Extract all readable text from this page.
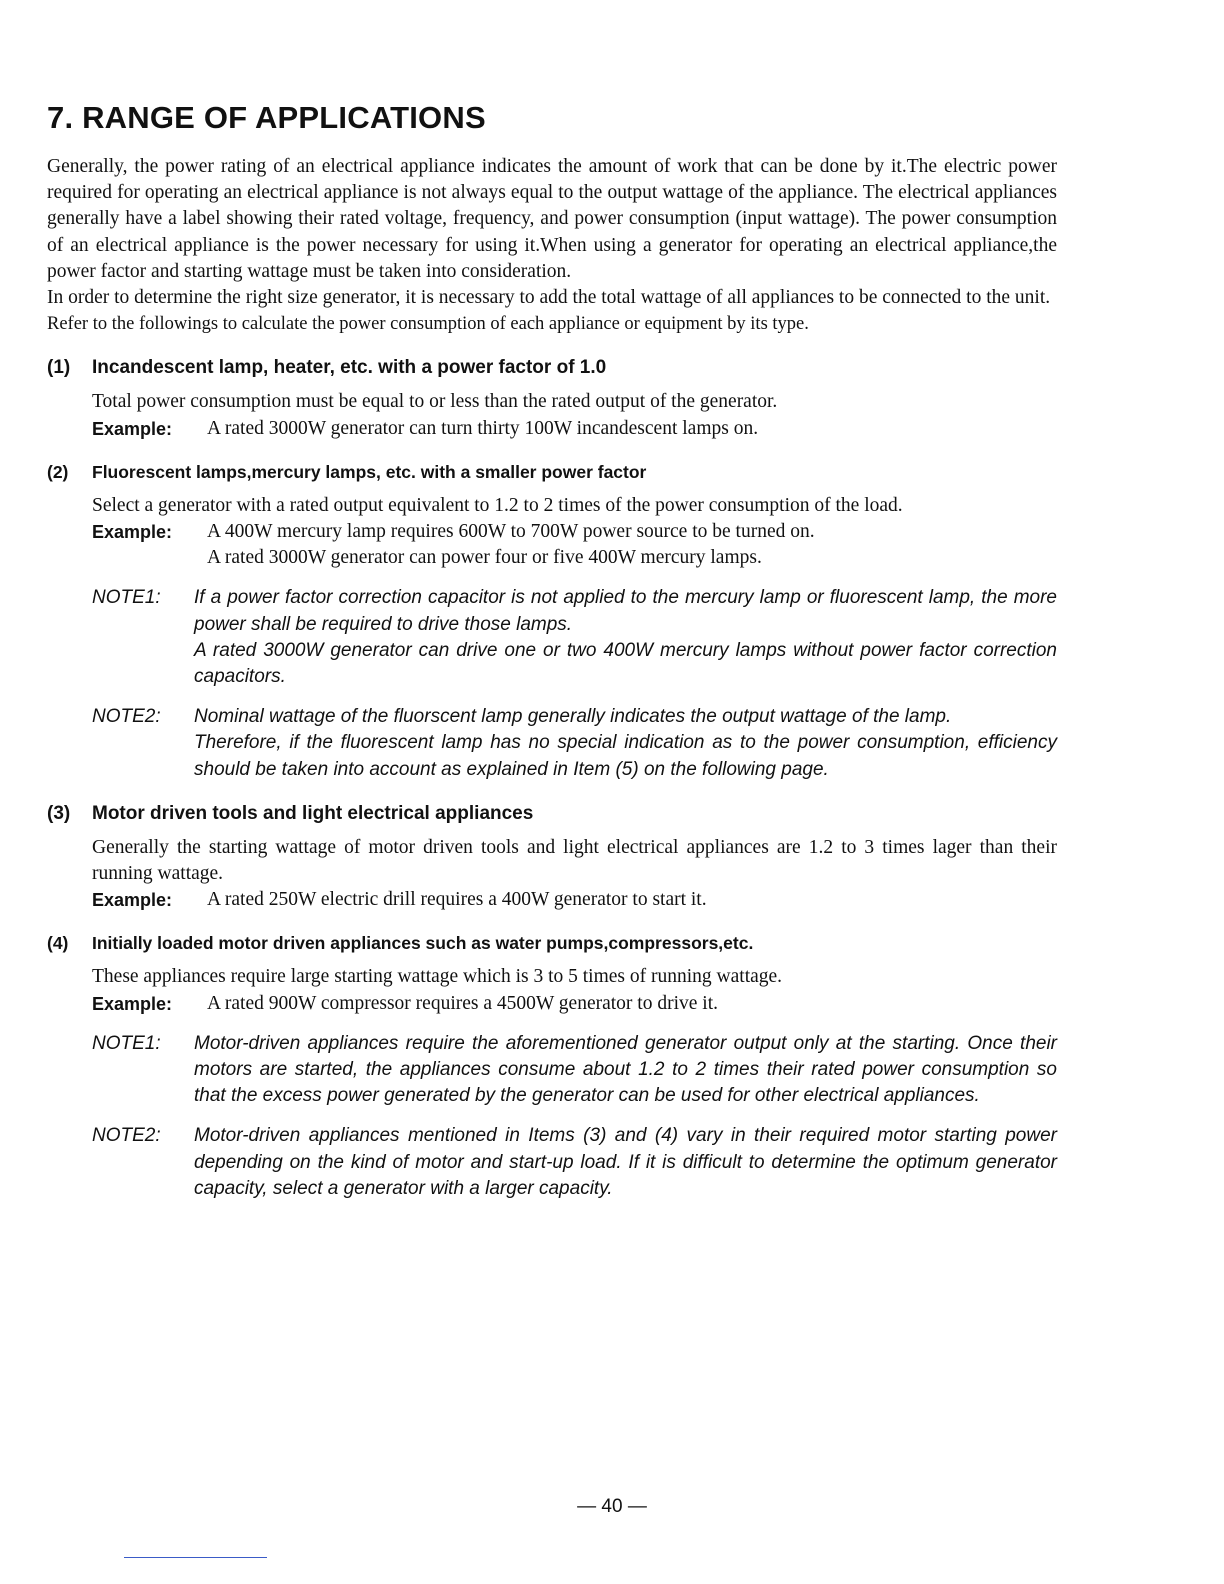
7. RANGE OF APPLICATIONS

Generally, the power rating of an electrical appliance indicates the amount of work that can be done by it.The electric power required for operating an electrical appliance is not always equal to the output wattage of the appliance. The electrical appliances generally have a label showing their rated voltage, frequency, and power consumption (input wattage). The power consumption of an electrical appliance is the power necessary for using it.When using a generator for operating an electrical appliance,the power factor and starting wattage must be taken into consideration.

In order to determine the right size generator, it is necessary to add the total wattage of all appliances to be connected to the unit.

Refer to the followings to calculate the power consumption of each appliance or equipment by its type.

(1)	Incandescent lamp, heater, etc. with a power factor of 1.0

Total power consumption must be equal to or less than the rated output of the generator.

Example:	A rated 3000W generator can turn thirty 100W incandescent lamps on.
(2)	Fluorescent lamps,mercury lamps, etc. with a smaller power factor

Select a generator with a rated output equivalent to 1.2 to 2 times of the power consumption of the load.

Example:	A 400W mercury lamp requires 600W to 700W power source to be turned on.
A rated 3000W generator can power four or five 400W mercury lamps.
NOTE1:	If a power factor correction capacitor is not applied to the mercury lamp or fluorescent lamp, the more power shall be required to drive those lamps.

A rated 3000W generator can drive one or two 400W mercury lamps without power factor correction capacitors.

NOTE2:	Nominal wattage of the fluorscent lamp generally indicates the output wattage of the lamp.

Therefore, if the fluorescent lamp has no special indication as to the power consumption, efficiency should be taken into account as explained in Item (5) on the following page.

(3)	Motor driven tools and light electrical appliances

Generally the starting wattage of motor driven tools and light electrical appliances are 1.2 to 3 times lager than their running wattage.

Example:	A rated 250W electric drill requires a 400W generator to start it.
(4)	Initially loaded motor driven appliances such as water pumps,compressors,etc.

These appliances require large starting wattage which is 3 to 5 times of running wattage.

Example:	A rated 900W compressor requires a 4500W generator to drive it.
NOTE1:	Motor-driven appliances require the aforementioned generator output only at the starting. Once their motors are started, the appliances consume about 1.2 to 2 times their rated power consumption so that the excess power generated by the generator can be used for other electrical appliances.

NOTE2:	Motor-driven appliances mentioned in Items (3) and (4) vary in their required motor starting power depending on the kind of motor and start-up load. If it is difficult to determine the optimum generator capacity, select a generator with a larger capacity.

— 40 —
